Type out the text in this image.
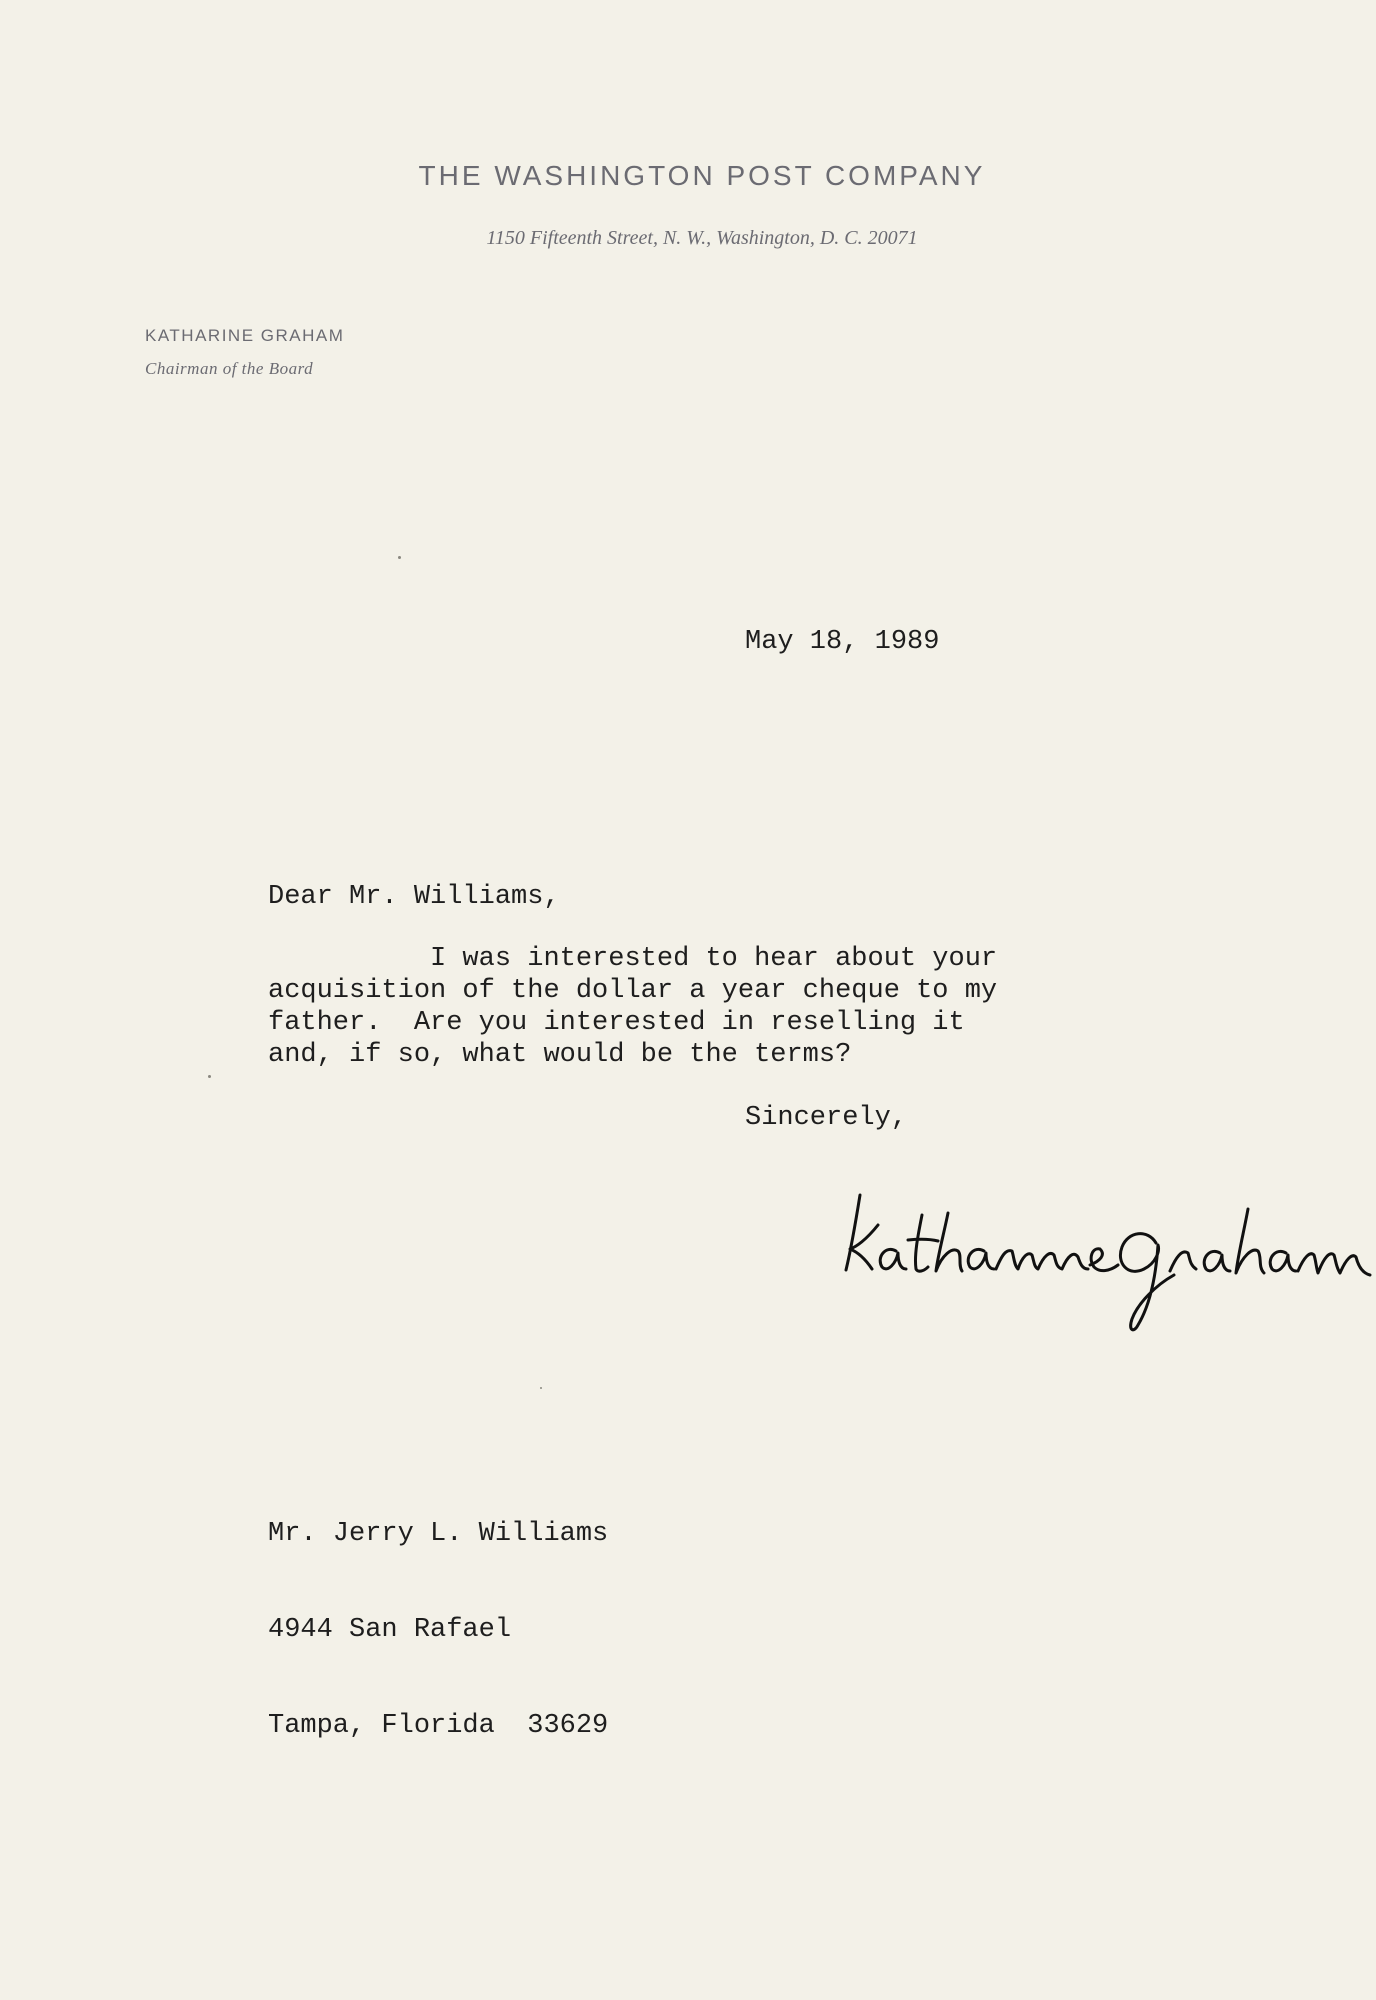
THE WASHINGTON POST COMPANY
1150 Fifteenth Street, N. W., Washington, D. C. 20071
KATHARINE GRAHAM
Chairman of the Board
May 18, 1989
Dear Mr. Williams,
I was interested to hear about your
acquisition of the dollar a year cheque to my
father.  Are you interested in reselling it
and, if so, what would be the terms?
Sincerely,

Mr. Jerry L. Williams

4944 San Rafael

Tampa, Florida  33629
